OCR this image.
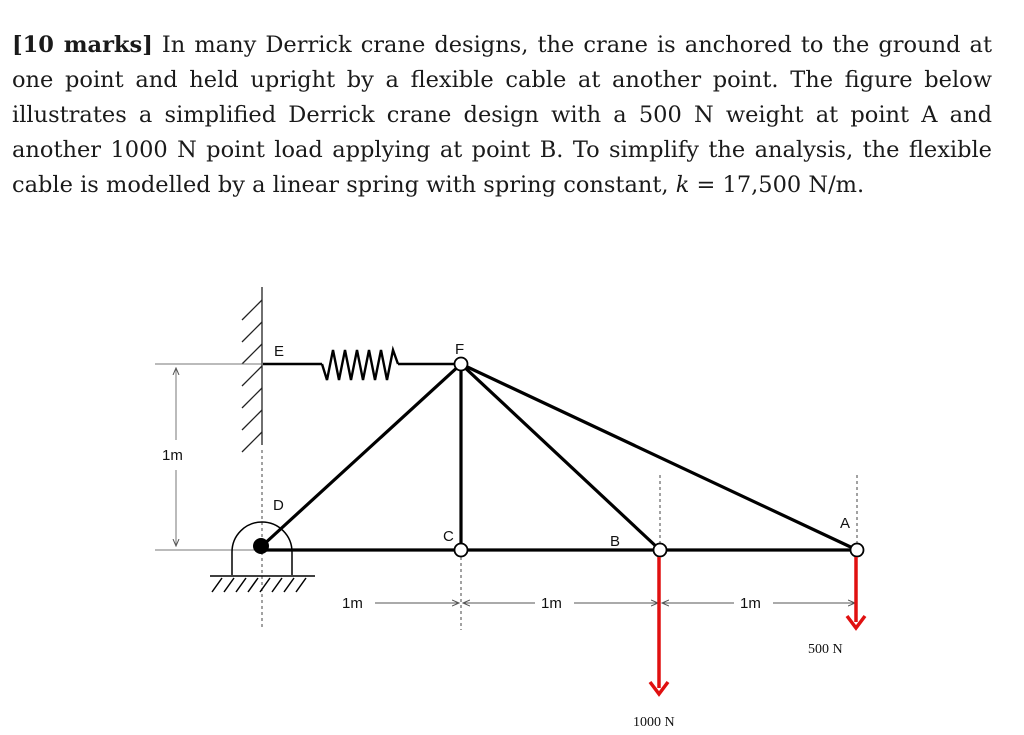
[10 marks] In many Derrick crane designs, the crane is anchored to the ground at one point and held upright by a flexible cable at another point. The figure below illustrates a simplified Derrick crane design with a 500 N weight at point A and another 1000 N point load applying at point B. To simplify the analysis, the flexible cable is modelled by a linear spring with spring constant, k = 17,500 N/m.

E	F
D
C	B
A
1m
1m	1m	1m
500 N
1000 N
